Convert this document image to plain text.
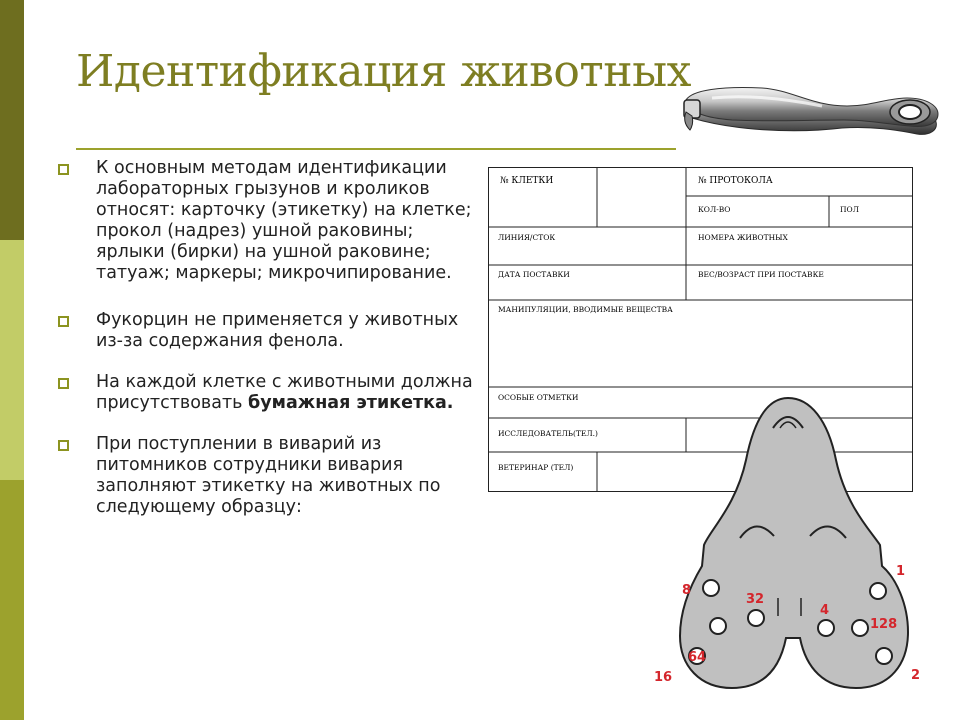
Идентификация животных
К основным методам идентификации лабораторных грызунов и кроликов относят: карточку (этикетку) на клетке; прокол (надрез) ушной раковины; ярлыки (бирки) на ушной раковине; татуаж; маркеры; микрочипирование.
Фукорцин не применяется у животных из-за содержания фенола.
На каждой клетке с животными должна присутствовать бумажная этикетка.
При поступлении в виварий из питомников сотрудники вивария заполняют этикетку на животных по следующему образцу:
№ КЛЕТКИ	№ ПРОТОКОЛА
КОЛ-ВО	ПОЛ
ЛИНИЯ/СТОК	НОМЕРА ЖИВОТНЫХ
ДАТА ПОСТАВКИ	ВЕС/ВОЗРАСТ ПРИ ПОСТАВКЕ
МАНИПУЛЯЦИИ, ВВОДИМЫЕ ВЕЩЕСТВА
ОСОБЫЕ ОТМЕТКИ
ИССЛЕДОВАТЕЛЬ(ТЕЛ.)
ВЕТЕРИНАР (ТЕЛ)
1
2
4
8
16
32
64
128
